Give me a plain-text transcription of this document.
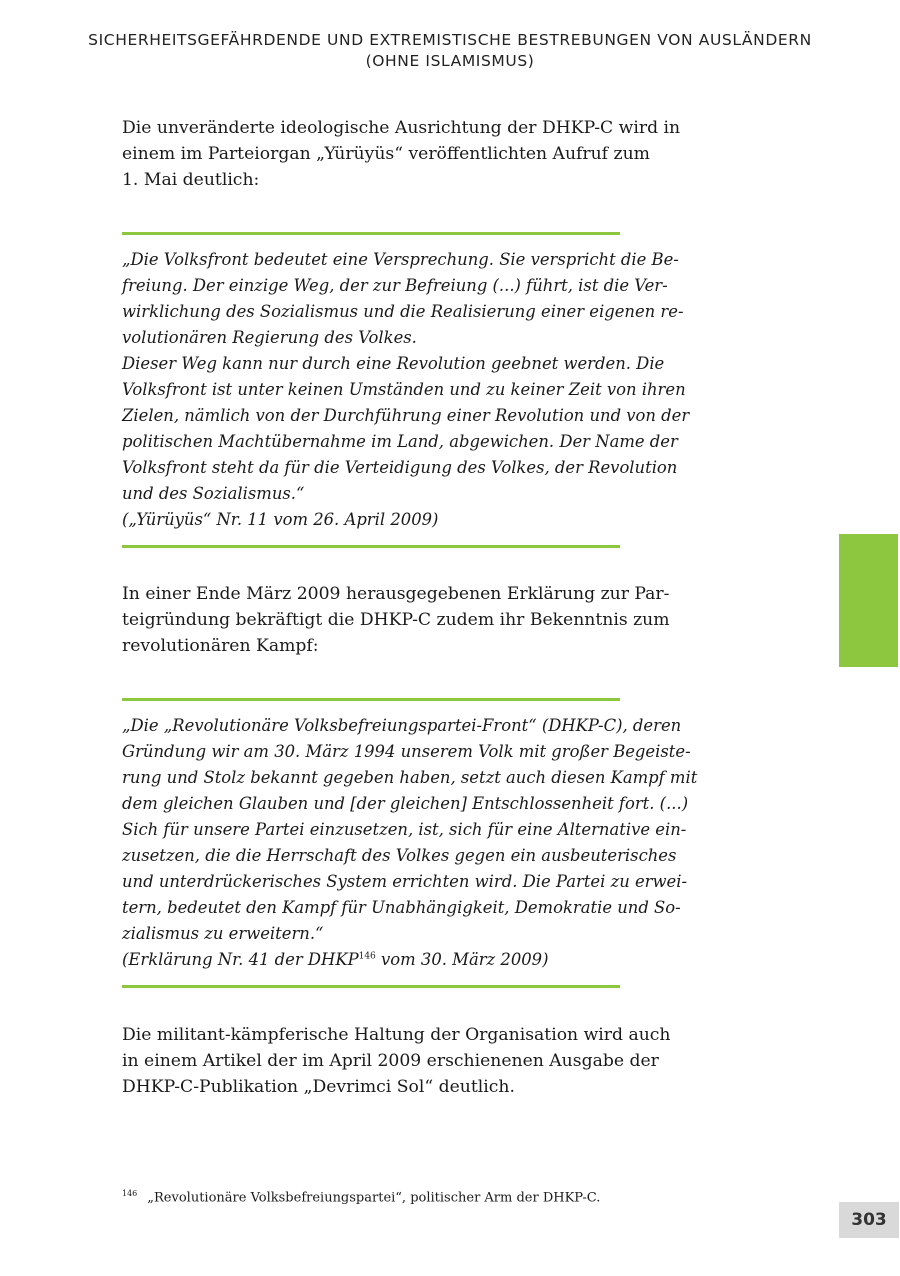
SICHERHEITSGEFÄHRDENDE UND EXTREMISTISCHE BESTREBUNGEN VON AUSLÄNDERN
(OHNE ISLAMISMUS)
Die unveränderte ideologische Ausrichtung der DHKP-C wird in
einem im Parteiorgan „Yürüyüs“ veröffentlichten Aufruf zum
1. Mai deutlich:
„Die Volksfront bedeutet eine Versprechung. Sie verspricht die Be-
freiung. Der einzige Weg, der zur Befreiung (...) führt, ist die Ver-
wirklichung des Sozialismus und die Realisierung einer eigenen re-
volutionären Regierung des Volkes.
Dieser Weg kann nur durch eine Revolution geebnet werden. Die
Volksfront ist unter keinen Umständen und zu keiner Zeit von ihren
Zielen, nämlich von der Durchführung einer Revolution und von der
politischen Machtübernahme im Land, abgewichen. Der Name der
Volksfront steht da für die Verteidigung des Volkes, der Revolution
und des Sozialismus.“
(„Yürüyüs“ Nr. 11 vom 26. April 2009)
In einer Ende März 2009 herausgegebenen Erklärung zur Par-
teigründung bekräftigt die DHKP-C zudem ihr Bekenntnis zum
revolutionären Kampf:
„Die „Revolutionäre Volksbefreiungspartei-Front“ (DHKP-C), deren
Gründung wir am 30. März 1994 unserem Volk mit großer Begeiste-
rung und Stolz bekannt gegeben haben, setzt auch diesen Kampf mit
dem gleichen Glauben und [der gleichen] Entschlossenheit fort. (...)
Sich für unsere Partei einzusetzen, ist, sich für eine Alternative ein-
zusetzen, die die Herrschaft des Volkes gegen ein ausbeuterisches
und unterdrückerisches System errichten wird. Die Partei zu erwei-
tern, bedeutet den Kampf für Unabhängigkeit, Demokratie und So-
zialismus zu erweitern.“
(Erklärung Nr. 41 der DHKP$^{146}$ vom 30. März 2009)
Die militant-kämpferische Haltung der Organisation wird auch
in einem Artikel der im April 2009 erschienenen Ausgabe der
DHKP-C-Publikation „Devrimci Sol“ deutlich.
$^{146}$ „Revolutionäre Volksbefreiungspartei“, politischer Arm der DHKP-C.
303
